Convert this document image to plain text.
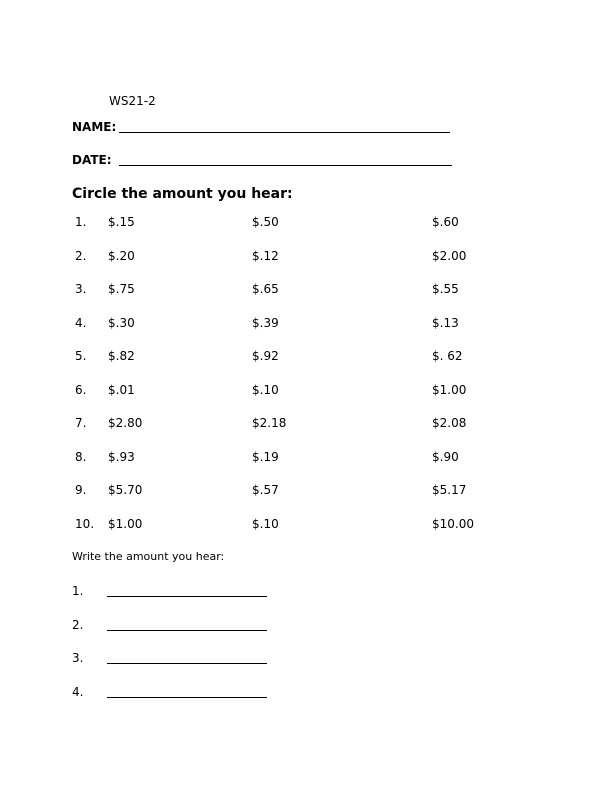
WS21-2
NAME:
DATE:
Circle the amount you hear:
1.	$.15	$.50	$.60
2.	$.20	$.12	$2.00
3.	$.75	$.65	$.55
4.	$.30	$.39	$.13
5.	$.82	$.92	$. 62
6.	$.01	$.10	$1.00
7.	$2.80	$2.18	$2.08
8.	$.93	$.19	$.90
9.	$5.70	$.57	$5.17
10.	$1.00	$.10	$10.00
Write the amount you hear:
1.
2.
3.
4.
